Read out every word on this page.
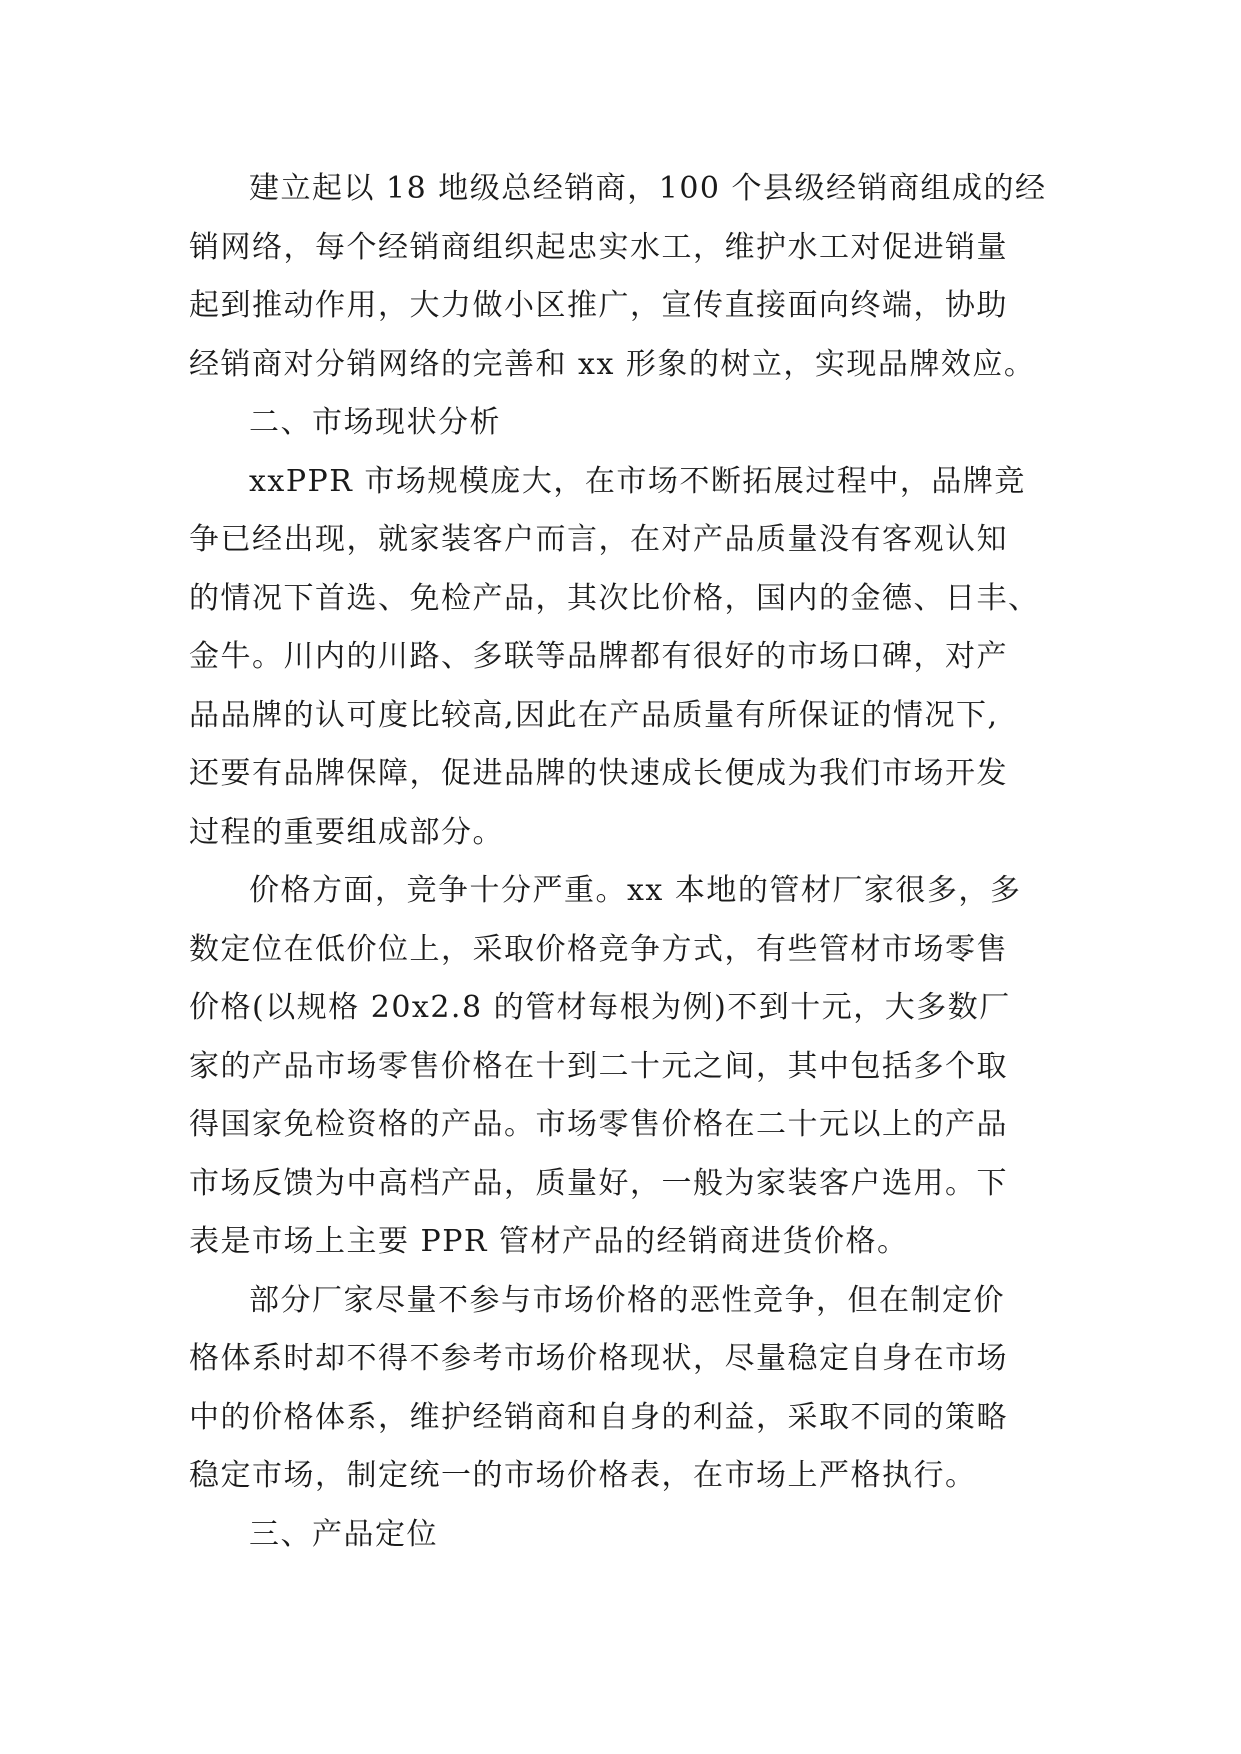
建立起以 18 地级总经销商，100 个县级经销商组成的经
销网络，每个经销商组织起忠实水工，维护水工对促进销量
起到推动作用，大力做小区推广，宣传直接面向终端，协助
经销商对分销网络的完善和 xx 形象的树立，实现品牌效应。

二、市场现状分析

xxPPR 市场规模庞大，在市场不断拓展过程中，品牌竞
争已经出现，就家装客户而言，在对产品质量没有客观认知
的情况下首选、免检产品，其次比价格，国内的金德、日丰、
金牛。川内的川路、多联等品牌都有很好的市场口碑，对产
品品牌的认可度比较高,因此在产品质量有所保证的情况下,
还要有品牌保障，促进品牌的快速成长便成为我们市场开发
过程的重要组成部分。

价格方面，竞争十分严重。xx 本地的管材厂家很多，多
数定位在低价位上，采取价格竞争方式，有些管材市场零售
价格(以规格 20x2.8 的管材每根为例)不到十元，大多数厂
家的产品市场零售价格在十到二十元之间，其中包括多个取
得国家免检资格的产品。市场零售价格在二十元以上的产品
市场反馈为中高档产品，质量好，一般为家装客户选用。下
表是市场上主要 PPR 管材产品的经销商进货价格。

部分厂家尽量不参与市场价格的恶性竞争，但在制定价
格体系时却不得不参考市场价格现状，尽量稳定自身在市场
中的价格体系，维护经销商和自身的利益，采取不同的策略
稳定市场，制定统一的市场价格表，在市场上严格执行。

三、产品定位
